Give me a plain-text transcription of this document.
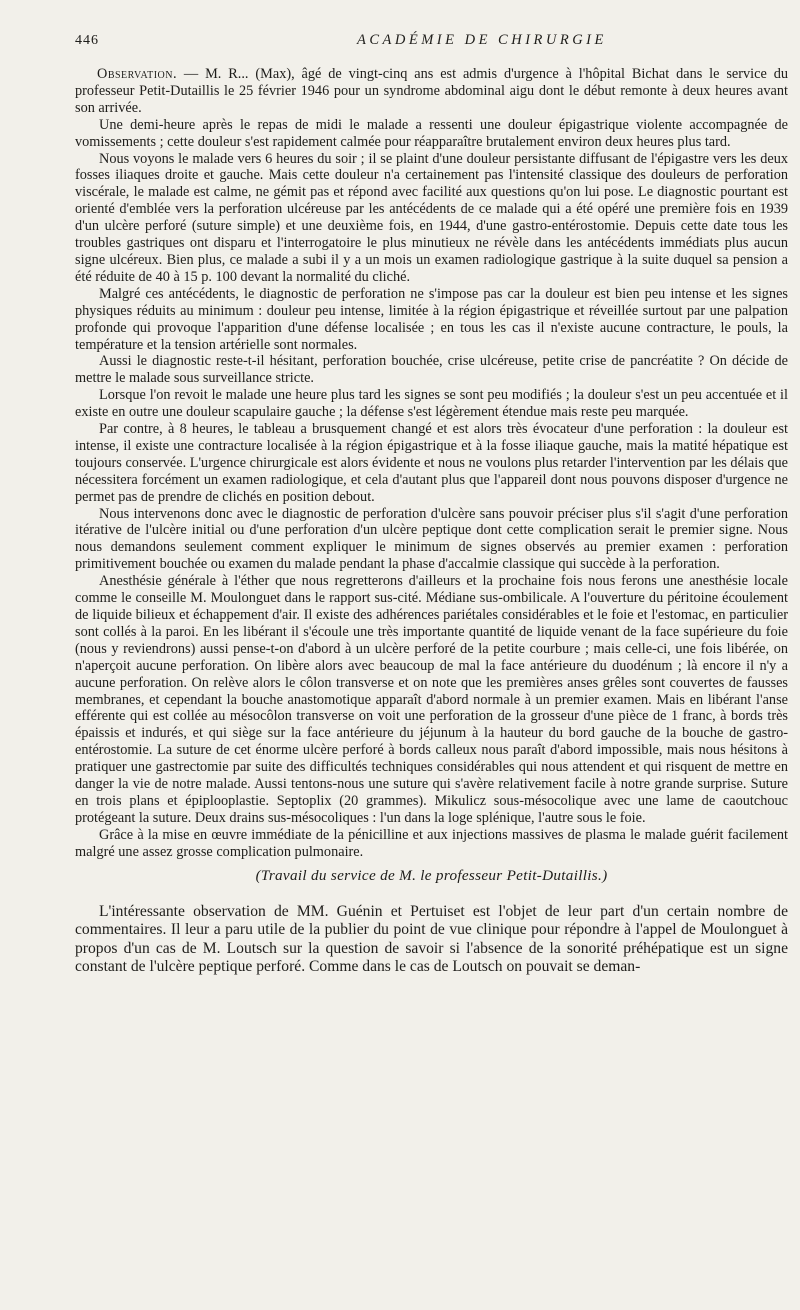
446	ACADÉMIE DE CHIRURGIE

Observation. — M. R... (Max), âgé de vingt-cinq ans est admis d'urgence à l'hôpital Bichat dans le service du professeur Petit-Dutaillis le 25 février 1946 pour un syndrome abdominal aigu dont le début remonte à deux heures avant son arrivée.

Une demi-heure après le repas de midi le malade a ressenti une douleur épigastrique violente accompagnée de vomissements ; cette douleur s'est rapidement calmée pour réapparaître brutalement environ deux heures plus tard.

Nous voyons le malade vers 6 heures du soir ; il se plaint d'une douleur persistante diffusant de l'épigastre vers les deux fosses iliaques droite et gauche. Mais cette douleur n'a certainement pas l'intensité classique des douleurs de perforation viscérale, le malade est calme, ne gémit pas et répond avec facilité aux questions qu'on lui pose. Le diagnostic pourtant est orienté d'emblée vers la perforation ulcéreuse par les antécédents de ce malade qui a été opéré une première fois en 1939 d'un ulcère perforé (suture simple) et une deuxième fois, en 1944, d'une gastro-entérostomie. Depuis cette date tous les troubles gastriques ont disparu et l'interrogatoire le plus minutieux ne révèle dans les antécédents immédiats plus aucun signe ulcéreux. Bien plus, ce malade a subi il y a un mois un examen radiologique gastrique à la suite duquel sa pension a été réduite de 40 à 15 p. 100 devant la normalité du cliché.

Malgré ces antécédents, le diagnostic de perforation ne s'impose pas car la douleur est bien peu intense et les signes physiques réduits au minimum : douleur peu intense, limitée à la région épigastrique et réveillée surtout par une palpation profonde qui provoque l'apparition d'une défense localisée ; en tous les cas il n'existe aucune contracture, le pouls, la température et la tension artérielle sont normales.

Aussi le diagnostic reste-t-il hésitant, perforation bouchée, crise ulcéreuse, petite crise de pancréatite ? On décide de mettre le malade sous surveillance stricte.

Lorsque l'on revoit le malade une heure plus tard les signes se sont peu modifiés ; la douleur s'est un peu accentuée et il existe en outre une douleur scapulaire gauche ; la défense s'est légèrement étendue mais reste peu marquée.

Par contre, à 8 heures, le tableau a brusquement changé et est alors très évocateur d'une perforation : la douleur est intense, il existe une contracture localisée à la région épigastrique et à la fosse iliaque gauche, mais la matité hépatique est toujours conservée. L'urgence chirurgicale est alors évidente et nous ne voulons plus retarder l'intervention par les délais que nécessitera forcément un examen radiologique, et cela d'autant plus que l'appareil dont nous pouvons disposer d'urgence ne permet pas de prendre de clichés en position debout.

Nous intervenons donc avec le diagnostic de perforation d'ulcère sans pouvoir préciser plus s'il s'agit d'une perforation itérative de l'ulcère initial ou d'une perforation d'un ulcère peptique dont cette complication serait le premier signe. Nous nous demandons seulement comment expliquer le minimum de signes observés au premier examen : perforation primitivement bouchée ou examen du malade pendant la phase d'accalmie classique qui succède à la perforation.

Anesthésie générale à l'éther que nous regretterons d'ailleurs et la prochaine fois nous ferons une anesthésie locale comme le conseille M. Moulonguet dans le rapport sus-cité. Médiane sus-ombilicale. A l'ouverture du péritoine écoulement de liquide bilieux et échappement d'air. Il existe des adhérences pariétales considérables et le foie et l'estomac, en particulier sont collés à la paroi. En les libérant il s'écoule une très importante quantité de liquide venant de la face supérieure du foie (nous y reviendrons) aussi pense-t-on d'abord à un ulcère perforé de la petite courbure ; mais celle-ci, une fois libérée, on n'aperçoit aucune perforation. On libère alors avec beaucoup de mal la face antérieure du duodénum ; là encore il n'y a aucune perforation. On relève alors le côlon transverse et on note que les premières anses grêles sont couvertes de fausses membranes, et cependant la bouche anastomotique apparaît d'abord normale à un premier examen. Mais en libérant l'anse efférente qui est collée au mésocôlon transverse on voit une perforation de la grosseur d'une pièce de 1 franc, à bords très épaissis et indurés, et qui siège sur la face antérieure du jéjunum à la hauteur du bord gauche de la bouche de gastro-entérostomie. La suture de cet énorme ulcère perforé à bords calleux nous paraît d'abord impossible, mais nous hésitons à pratiquer une gastrectomie par suite des difficultés techniques considérables qui nous attendent et qui risquent de mettre en danger la vie de notre malade. Aussi tentons-nous une suture qui s'avère relativement facile à notre grande surprise. Suture en trois plans et épiplooplastie. Septoplix (20 grammes). Mikulicz sous-mésocolique avec une lame de caoutchouc protégeant la suture. Deux drains sus-mésocoliques : l'un dans la loge splénique, l'autre sous le foie.

Grâce à la mise en œuvre immédiate de la pénicilline et aux injections massives de plasma le malade guérit facilement malgré une assez grosse complication pulmonaire.

(Travail du service de M. le professeur Petit-Dutaillis.)

L'intéressante observation de MM. Guénin et Pertuiset est l'objet de leur part d'un certain nombre de commentaires. Il leur a paru utile de la publier du point de vue clinique pour répondre à l'appel de Moulonguet à propos d'un cas de M. Loutsch sur la question de savoir si l'absence de la sonorité préhépatique est un signe constant de l'ulcère peptique perforé. Comme dans le cas de Loutsch on pouvait se deman-
